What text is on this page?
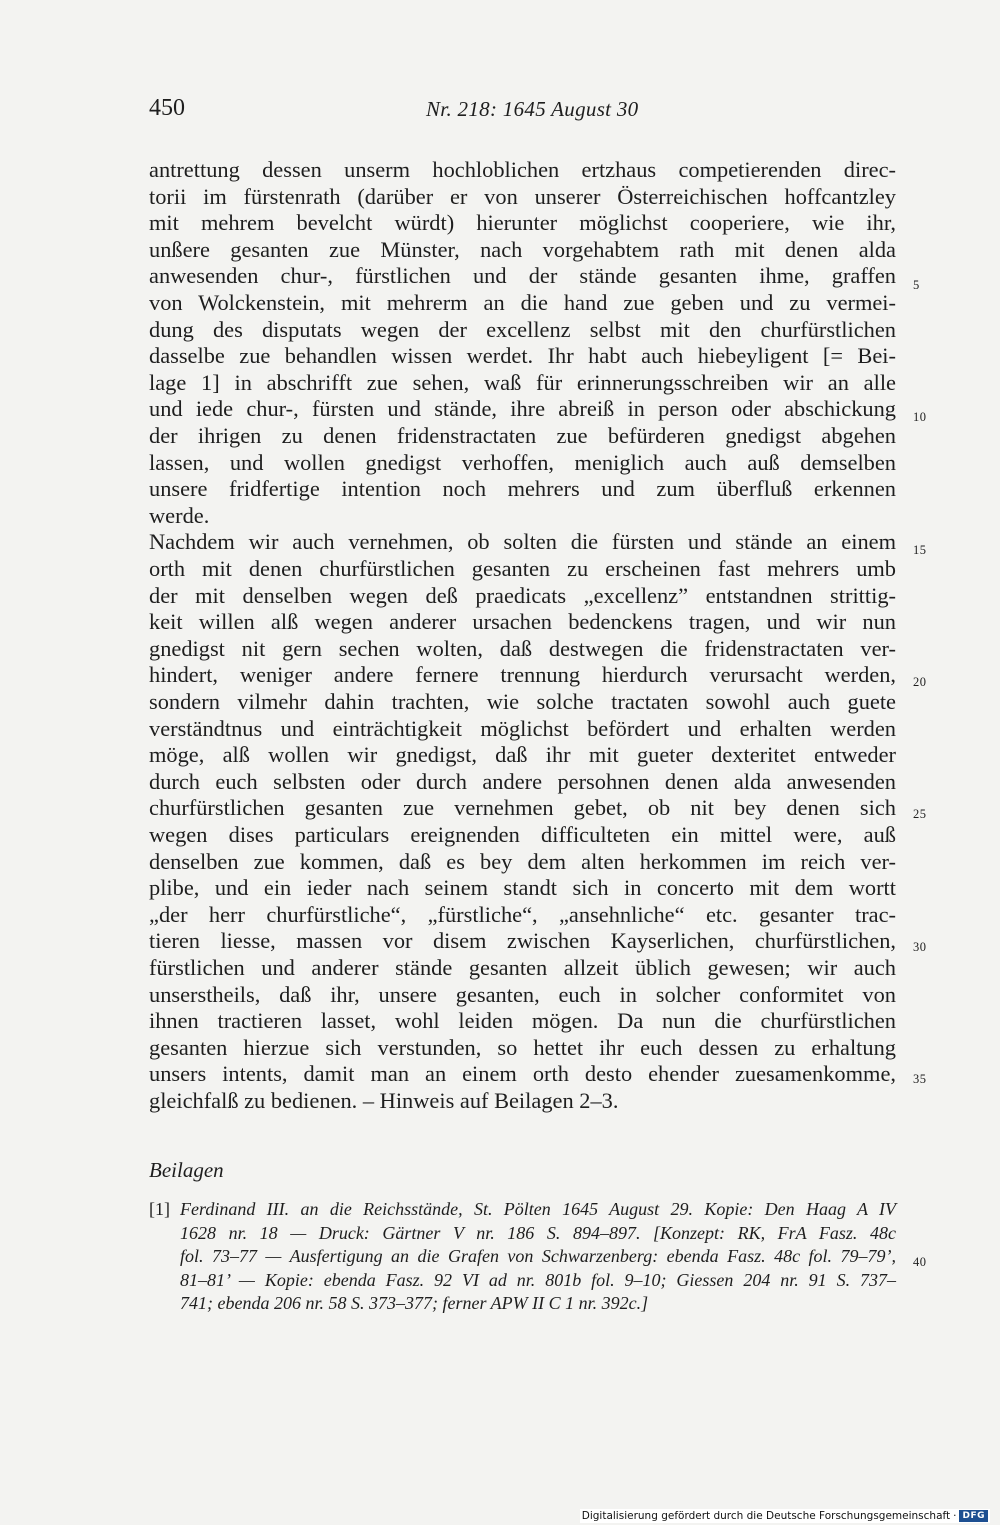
450	Nr. 218: 1645 August 30
antrettung dessen unserm hochloblichen ertzhaus competierenden direc-
torii im fürstenrath (darüber er von unserer Österreichischen hoffcantzley
mit mehrem bevelcht würdt) hierunter möglichst cooperiere, wie ihr,
unßere gesanten zue Münster, nach vorgehabtem rath mit denen alda
anwesenden chur-, fürstlichen und der stände gesanten ihme, graffen
von Wolckenstein, mit mehrerm an die hand zue geben und zu vermei-
dung des disputats wegen der excellenz selbst mit den churfürstlichen
dasselbe zue behandlen wissen werdet. Ihr habt auch hiebeyligent [= Bei-
lage 1] in abschrifft zue sehen, waß für erinnerungsschreiben wir an alle
und iede chur-, fürsten und stände, ihre abreiß in person oder abschickung
der ihrigen zu denen fridenstractaten zue befürderen gnedigst abgehen
lassen, und wollen gnedigst verhoffen, meniglich auch auß demselben
unsere fridfertige intention noch mehrers und zum überfluß erkennen
werde.
Nachdem wir auch vernehmen, ob solten die fürsten und stände an einem
orth mit denen churfürstlichen gesanten zu erscheinen fast mehrers umb
der mit denselben wegen deß praedicats „excellenz” entstandnen strittig-
keit willen alß wegen anderer ursachen bedenckens tragen, und wir nun
gnedigst nit gern sechen wolten, daß destwegen die fridenstractaten ver-
hindert, weniger andere fernere trennung hierdurch verursacht werden,
sondern vilmehr dahin trachten, wie solche tractaten sowohl auch guete
verständtnus und einträchtigkeit möglichst befördert und erhalten werden
möge, alß wollen wir gnedigst, daß ihr mit gueter dexteritet entweder
durch euch selbsten oder durch andere persohnen denen alda anwesenden
churfürstlichen gesanten zue vernehmen gebet, ob nit bey denen sich
wegen dises particulars ereignenden difficulteten ein mittel were, auß
denselben zue kommen, daß es bey dem alten herkommen im reich ver-
plibe, und ein ieder nach seinem standt sich in concerto mit dem wortt
„der herr churfürstliche“, „fürstliche“, „ansehnliche“ etc. gesanter trac-
tieren liesse, massen vor disem zwischen Kayserlichen, churfürstlichen,
fürstlichen und anderer stände gesanten allzeit üblich gewesen; wir auch
unserstheils, daß ihr, unsere gesanten, euch in solcher conformitet von
ihnen tractieren lasset, wohl leiden mögen. Da nun die churfürstlichen
gesanten hierzue sich verstunden, so hettet ihr euch dessen zu erhaltung
unsers intents, damit man an einem orth desto ehender zuesamenkomme,
gleichfalß zu bedienen. – Hinweis auf Beilagen 2–3.
5
10
15
20
25
30
35
40
Beilagen
[1] Ferdinand III. an die Reichsstände, St. Pölten 1645 August 29. Kopie: Den Haag A IV
1628 nr. 18 — Druck: Gärtner V nr. 186 S. 894–897. [Konzept: RK, FrA Fasz. 48c
fol. 73–77 — Ausfertigung an die Grafen von Schwarzenberg: ebenda Fasz. 48c fol. 79–79’,
81–81’ — Kopie: ebenda Fasz. 92 VI ad nr. 801b fol. 9–10; Giessen 204 nr. 91 S. 737–
741; ebenda 206 nr. 58 S. 373–377; ferner APW II C 1 nr. 392c.]
Digitalisierung gefördert durch die Deutsche Forschungsgemeinschaft · DFG
